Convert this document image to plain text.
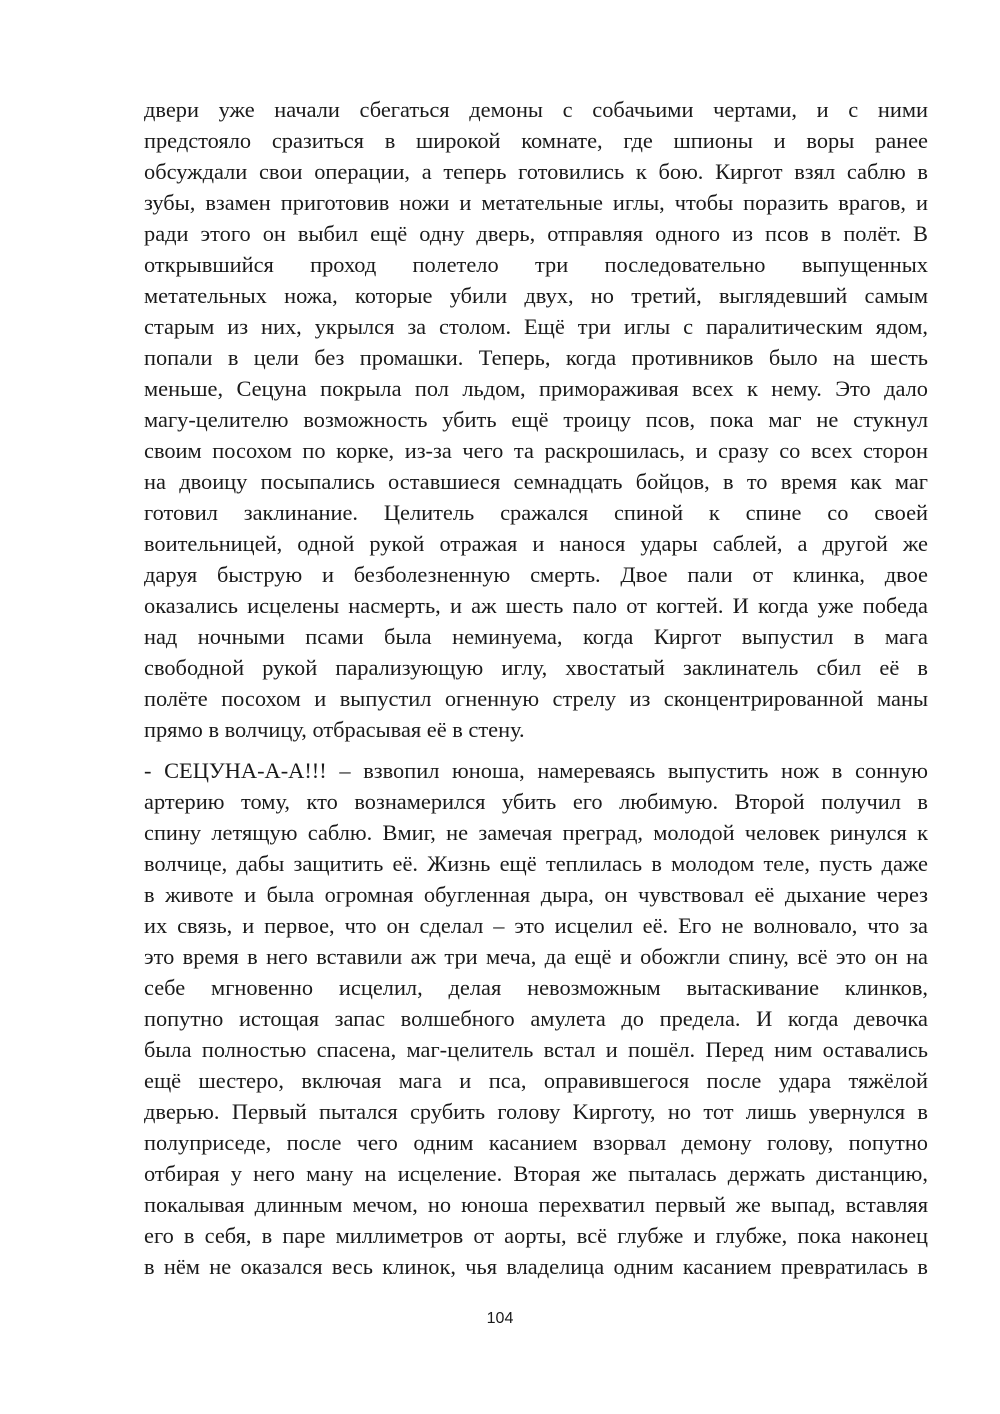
двери уже начали сбегаться демоны с собачьими чертами, и с ними
предстояло сразиться в широкой комнате, где шпионы и воры ранее
обсуждали свои операции, а теперь готовились к бою. Киргот взял саблю в
зубы, взамен приготовив ножи и метательные иглы, чтобы поразить врагов, и
ради этого он выбил ещё одну дверь, отправляя одного из псов в полёт. В
открывшийся проход полетело три последовательно выпущенных
метательных ножа, которые убили двух, но третий, выглядевший самым
старым из них, укрылся за столом. Ещё три иглы с паралитическим ядом,
попали в цели без промашки. Теперь, когда противников было на шесть
меньше, Сецуна покрыла пол льдом, приморaживая всех к нему. Это дало
магу-целителю возможность убить ещё троицу псов, пока маг не стукнул
своим посохом по корке, из-за чего та раскрошилась, и сразу со всех сторон
на двоицу посыпались оставшиеся семнадцать бойцов, в то время как маг
готовил заклинание. Целитель сражался спиной к спине со своей
воительницей, одной рукой отражая и нанося удары саблей, а другой же
даруя быструю и безболезненную смерть. Двое пали от клинка, двое
оказались исцелены насмерть, и аж шесть пало от когтей. И когда уже победа
над ночными псами была неминуема, когда Киргот выпустил в мага
свободной рукой парализующую иглу, хвостатый заклинатель сбил её в
полёте посохом и выпустил огненную стрелу из сконцентрированной маны
прямо в волчицу, отбрасывая её в стену.
- СЕЦУНА-А-А!!! – взвопил юноша, намереваясь выпустить нож в сонную
артерию тому, кто вознамерился убить его любимую. Второй получил в
спину летящую саблю. Вмиг, не замечая преград, молодой человек ринулся к
волчице, дабы защитить её. Жизнь ещё теплилась в молодом теле, пусть даже
в животе и была огромная обугленная дыра, он чувствовал её дыхание через
их связь, и первое, что он сделал – это исцелил её. Его не волновало, что за
это время в него вставили аж три меча, да ещё и обожгли спину, всё это он на
себе мгновенно исцелил, делая невозможным вытаскивание клинков,
попутно истощая запас волшебного амулета до предела. И когда девочка
была полностью спасена, маг-целитель встал и пошёл. Перед ним оставались
ещё шестеро, включая мага и пса, оправившегося после удара тяжёлой
дверью. Первый пытался срубить голову Kирготу, но тот лишь увернулся в
полуприседе, после чего одним касанием взорвал демону голову, попутно
отбирая у него ману на исцеление. Вторая же пыталась держать дистанцию,
покалывая длинным мечом, но юноша перехватил первый же выпад, вставляя
его в себя, в паре миллиметров от аорты, всё глубже и глубже, пока наконец
в нём не оказался весь клинок, чья владелица одним касанием превратилась в
104
